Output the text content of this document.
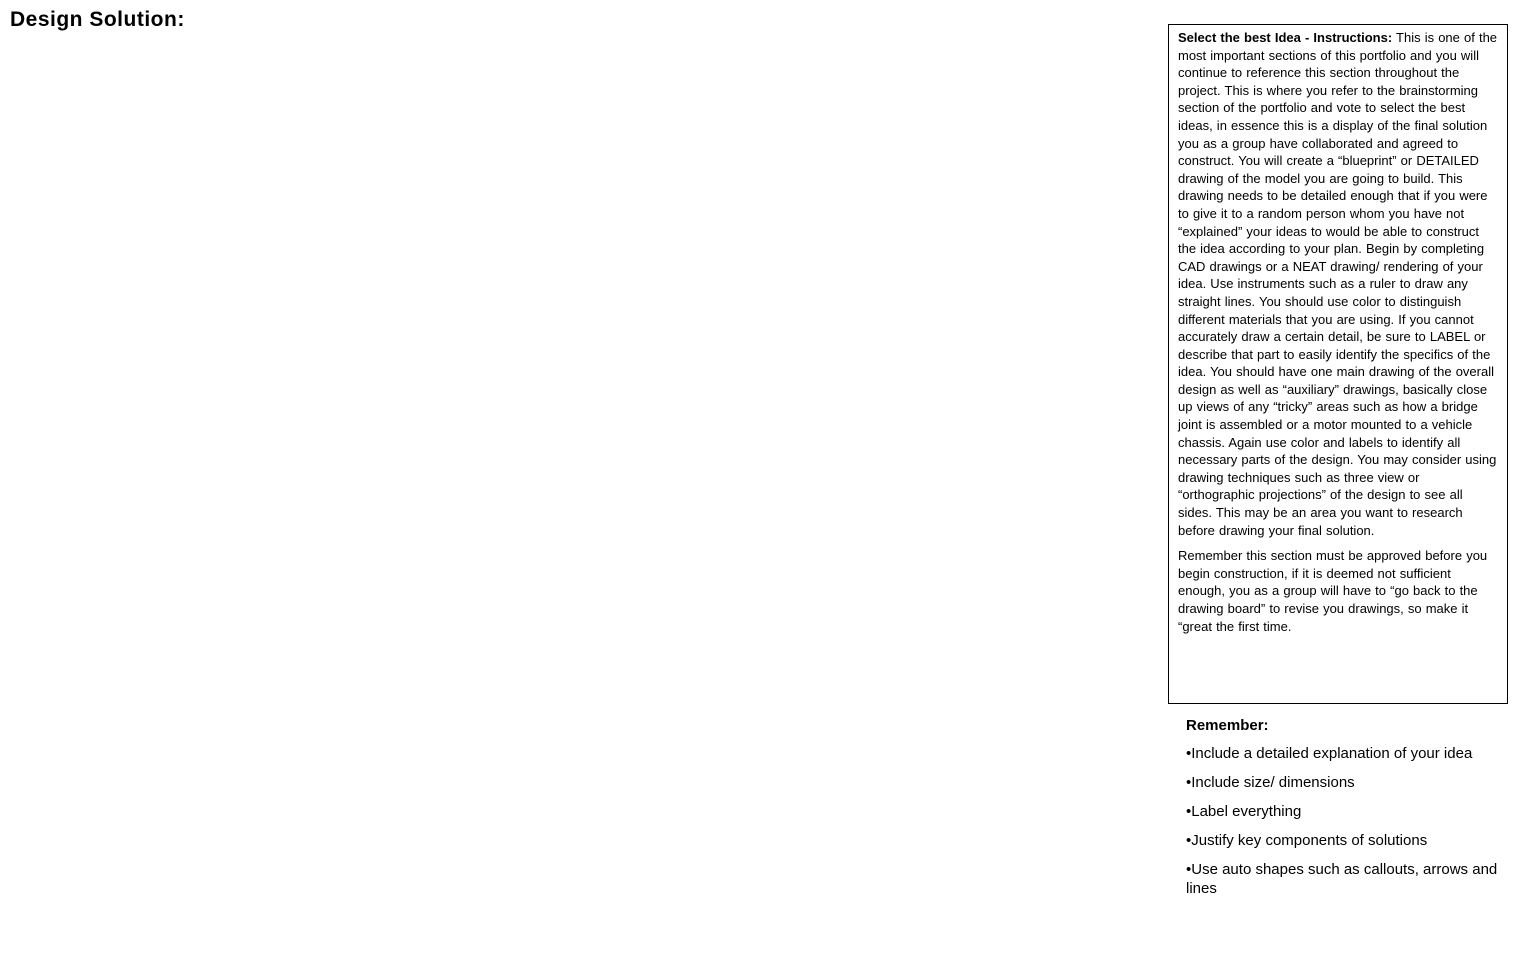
Design Solution:

Select the best Idea - Instructions: This is one of the most important sections of this portfolio and you will continue to reference this section throughout the project. This is where you refer to the brainstorming section of the portfolio and vote to select the best ideas, in essence this is a display of the final solution you as a group have collaborated and agreed to construct. You will create a “blueprint” or DETAILED drawing of the model you are going to build. This drawing needs to be detailed enough that if you were to give it to a random person whom you have not “explained” your ideas to would be able to construct the idea according to your plan. Begin by completing CAD drawings or a NEAT drawing/ rendering of your idea. Use instruments such as a ruler to draw any straight lines. You should use color to distinguish different materials that you are using. If you cannot accurately draw a certain detail, be sure to LABEL or describe that part to easily identify the specifics of the idea. You should have one main drawing of the overall design as well as “auxiliary” drawings, basically close up views of any “tricky” areas such as how a bridge joint is assembled or a motor mounted to a vehicle chassis. Again use color and labels to identify all necessary parts of the design. You may consider using drawing techniques such as three view or “orthographic projections” of the design to see all sides. This may be an area you want to research before drawing your final solution.

Remember this section must be approved before you begin construction, if it is deemed not sufficient enough, you as a group will have to “go back to the drawing board” to revise you drawings, so make it “great the first time.

Remember:

•Include a detailed explanation of your idea
•Include size/ dimensions
•Label everything
•Justify key components of solutions
•Use auto shapes such as callouts, arrows and lines
